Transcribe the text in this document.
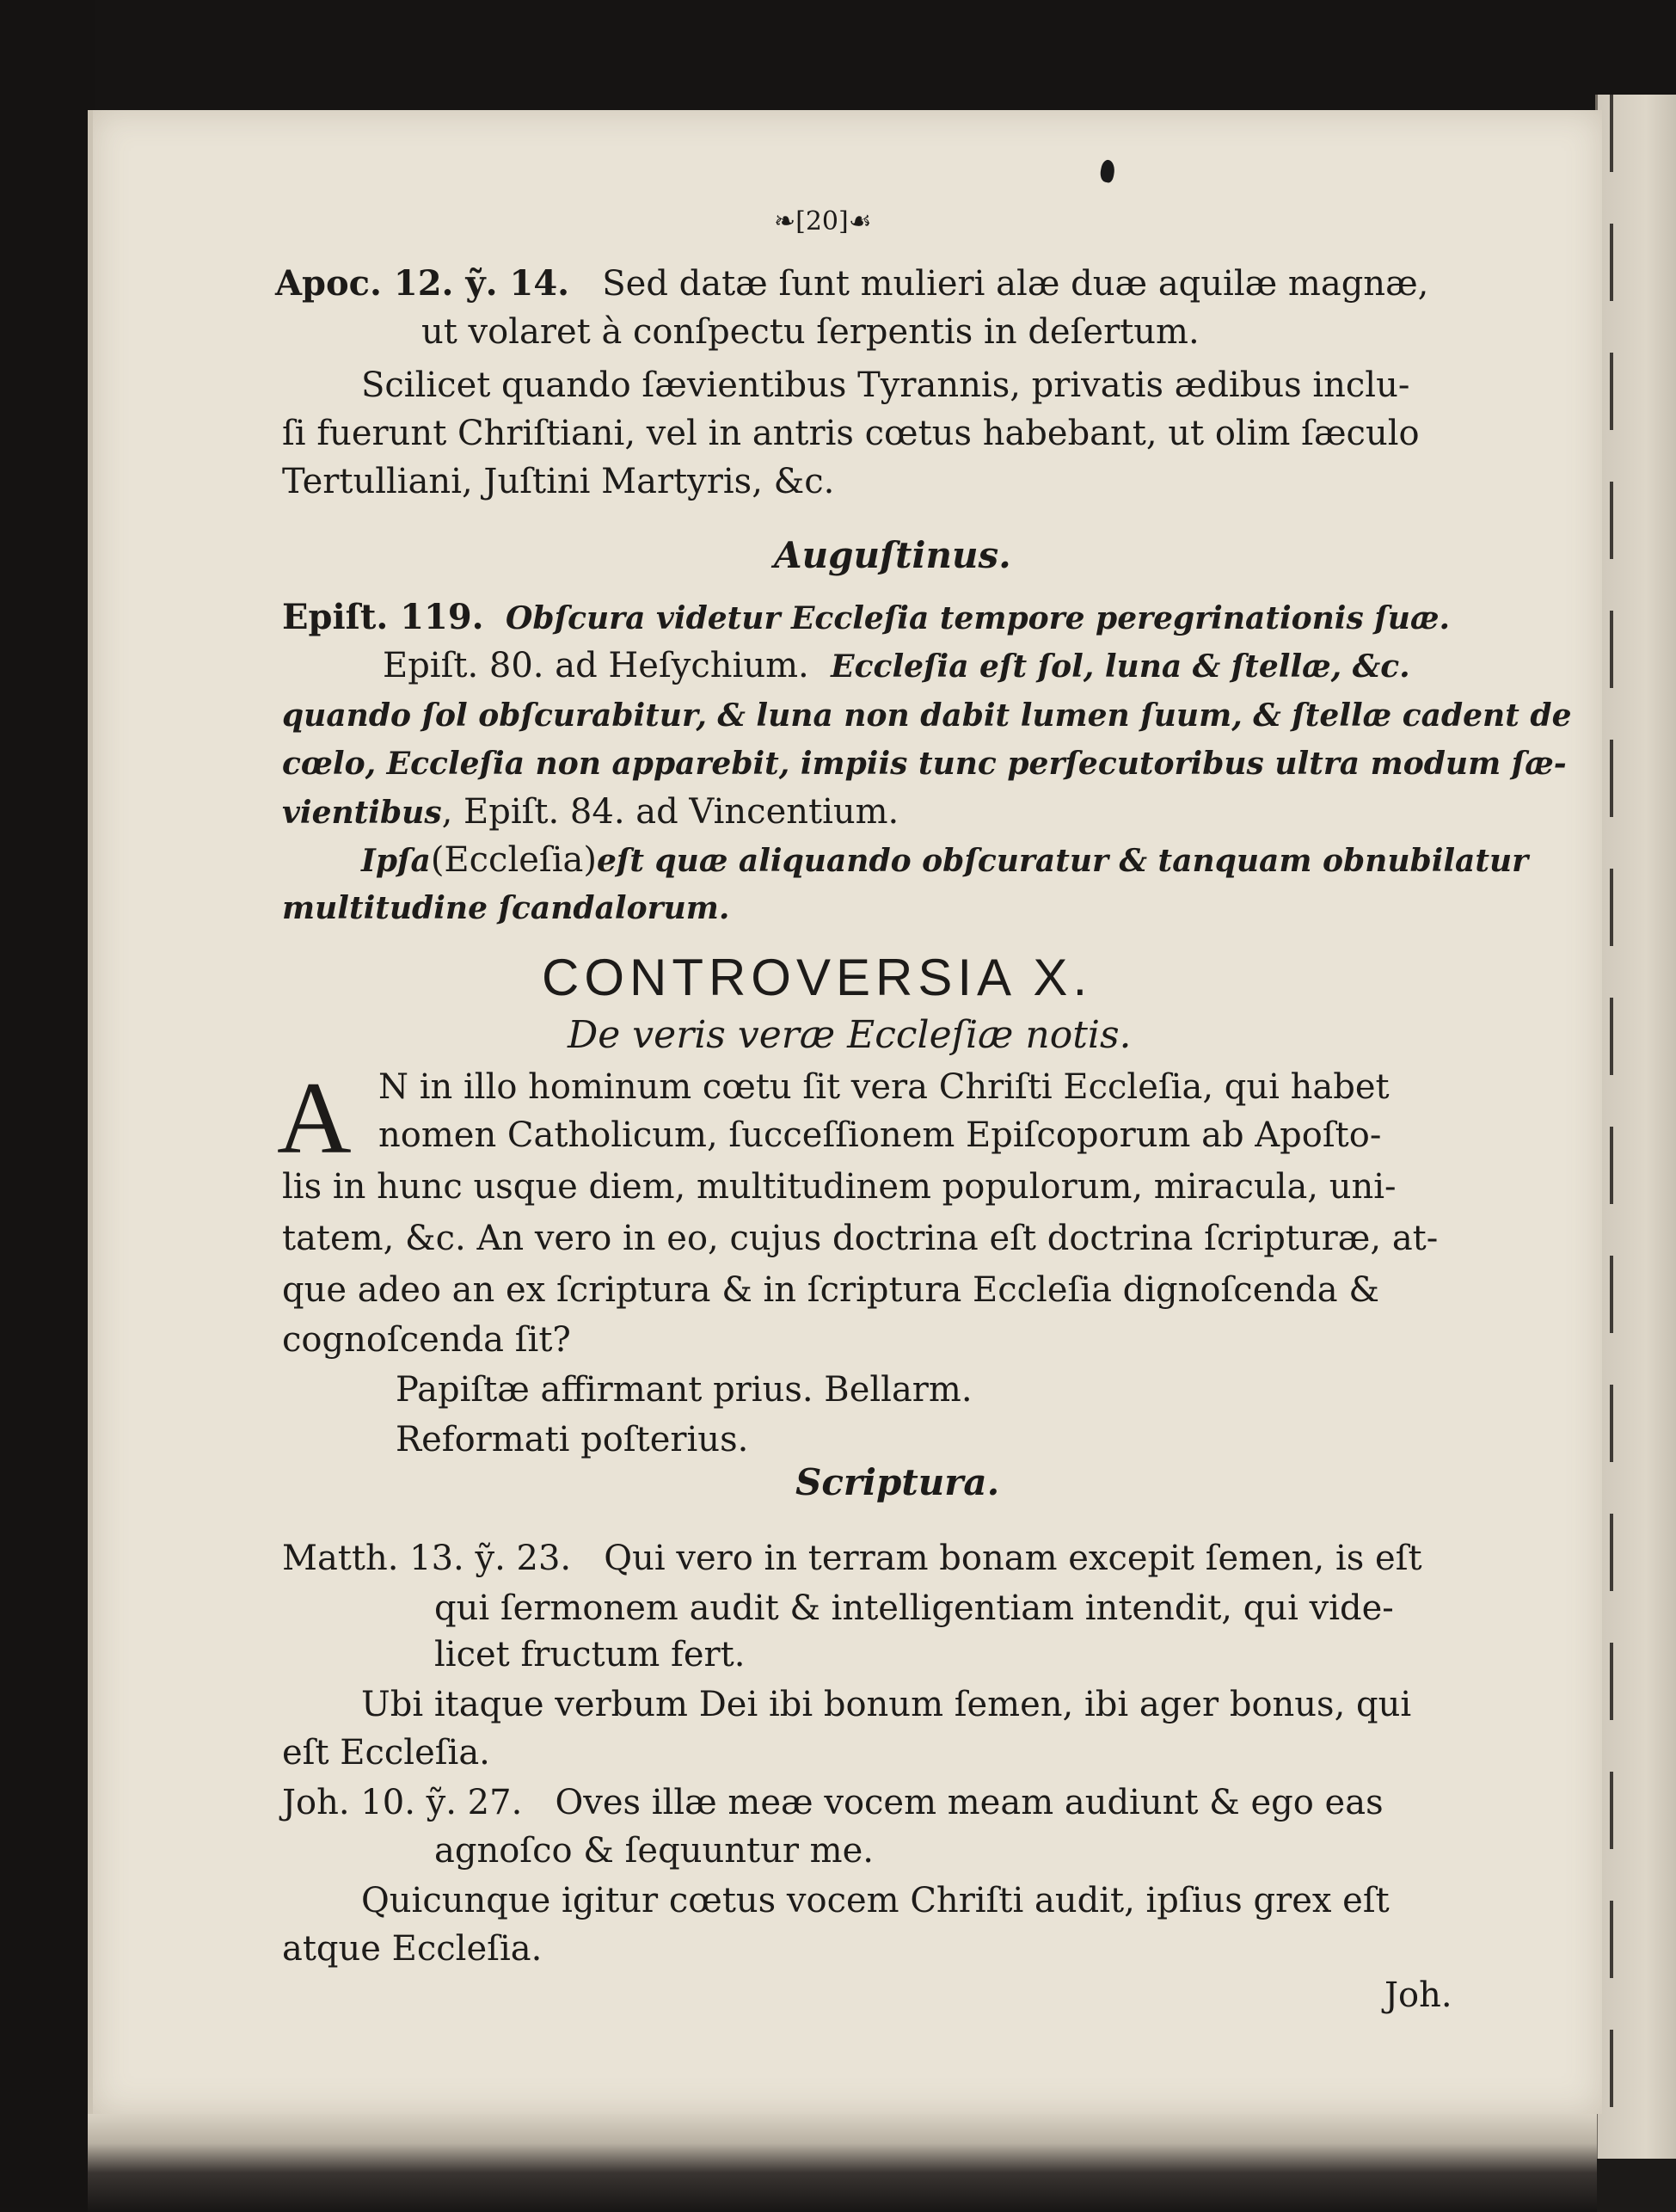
❧[20]☙
Apoc. 12. ỹ. 14. Sed datæ ſunt mulieri alæ duæ aquilæ magnæ,
ut volaret à conſpectu ſerpentis in deſertum.
Scilicet quando ſævientibus Tyrannis, privatis ædibus inclu-
ſi fuerunt Chriſtiani, vel in antris cœtus habebant, ut olim ſæculo
Tertulliani, Juſtini Martyris, &c.
Auguſtinus.
Epiſt. 119. Obſcura videtur Eccleſia tempore peregrinationis ſuæ.
Epiſt. 80. ad Heſychium. Eccleſia eſt ſol, luna & ſtellæ, &c.
quando ſol obſcurabitur, & luna non dabit lumen ſuum, & ſtellæ cadent de
cœlo, Eccleſia non apparebit, impiis tunc perſecutoribus ultra modum ſæ-
vientibus, Epiſt. 84. ad Vincentium.
Ipſa(Eccleſia)eſt quæ aliquando obſcuratur & tanquam obnubilatur
multitudine ſcandalorum.
CONTROVERSIA X.
De veris veræ Eccleſiæ notis.
A N in illo hominum cœtu ſit vera Chriſti Eccleſia, qui habet
nomen Catholicum, ſucceſſionem Epiſcoporum ab Apoſto-
lis in hunc usque diem, multitudinem populorum, miracula, uni-
tatem, &c. An vero in eo, cujus doctrina eſt doctrina ſcripturæ, at-
que adeo an ex ſcriptura & in ſcriptura Eccleſia dignoſcenda &
cognoſcenda ſit?
Papiſtæ affirmant prius. Bellarm.
Reformati poſterius.
Scriptura.
Matth. 13. ỹ. 23. Qui vero in terram bonam excepit ſemen, is eſt
qui ſermonem audit & intelligentiam intendit, qui vide-
licet fructum fert.
Ubi itaque verbum Dei ibi bonum ſemen, ibi ager bonus, qui
eſt Eccleſia.
Joh. 10. ỹ. 27. Oves illæ meæ vocem meam audiunt & ego eas
agnoſco & ſequuntur me.
Quicunque igitur cœtus vocem Chriſti audit, ipſius grex eſt
atque Eccleſia.
Joh.
